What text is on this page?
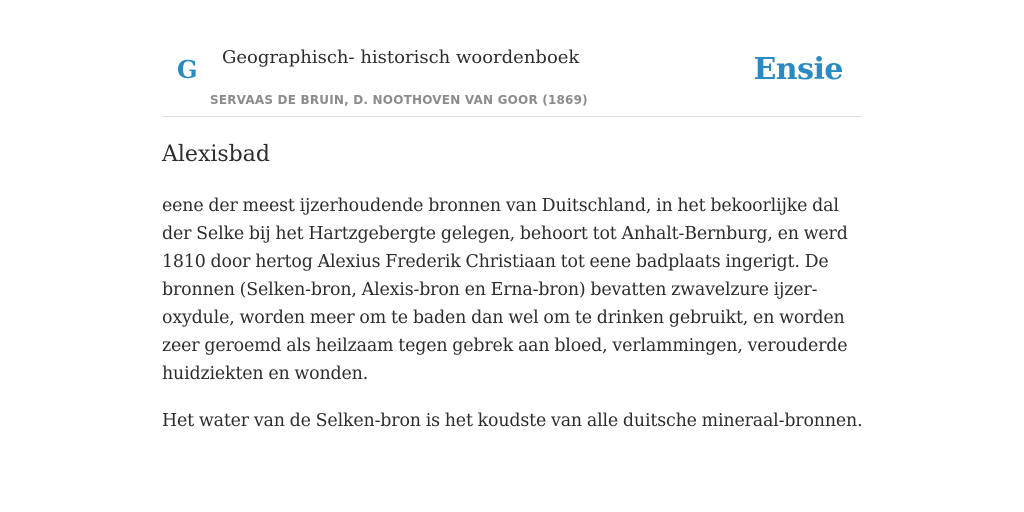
G Geographisch- historisch woordenboek
SERVAAS DE BRUIN, D. NOOTHOVEN VAN GOOR (1869)
Ensie
Alexisbad

eene der meest ijzerhoudende bronnen van Duitschland, in het bekoorlijke dal der Selke bij het Hartzgebergte gelegen, behoort tot Anhalt-Bernburg, en werd 1810 door hertog Alexius Frederik Christiaan tot eene badplaats ingerigt. De bronnen (Selken-bron, Alexis-bron en Erna-bron) bevatten zwavelzure ijzer-oxydule, worden meer om te baden dan wel om te drinken gebruikt, en worden zeer geroemd als heilzaam tegen gebrek aan bloed, verlammingen, verouderde huidziekten en wonden.

Het water van de Selken-bron is het koudste van alle duitsche mineraal-bronnen.
